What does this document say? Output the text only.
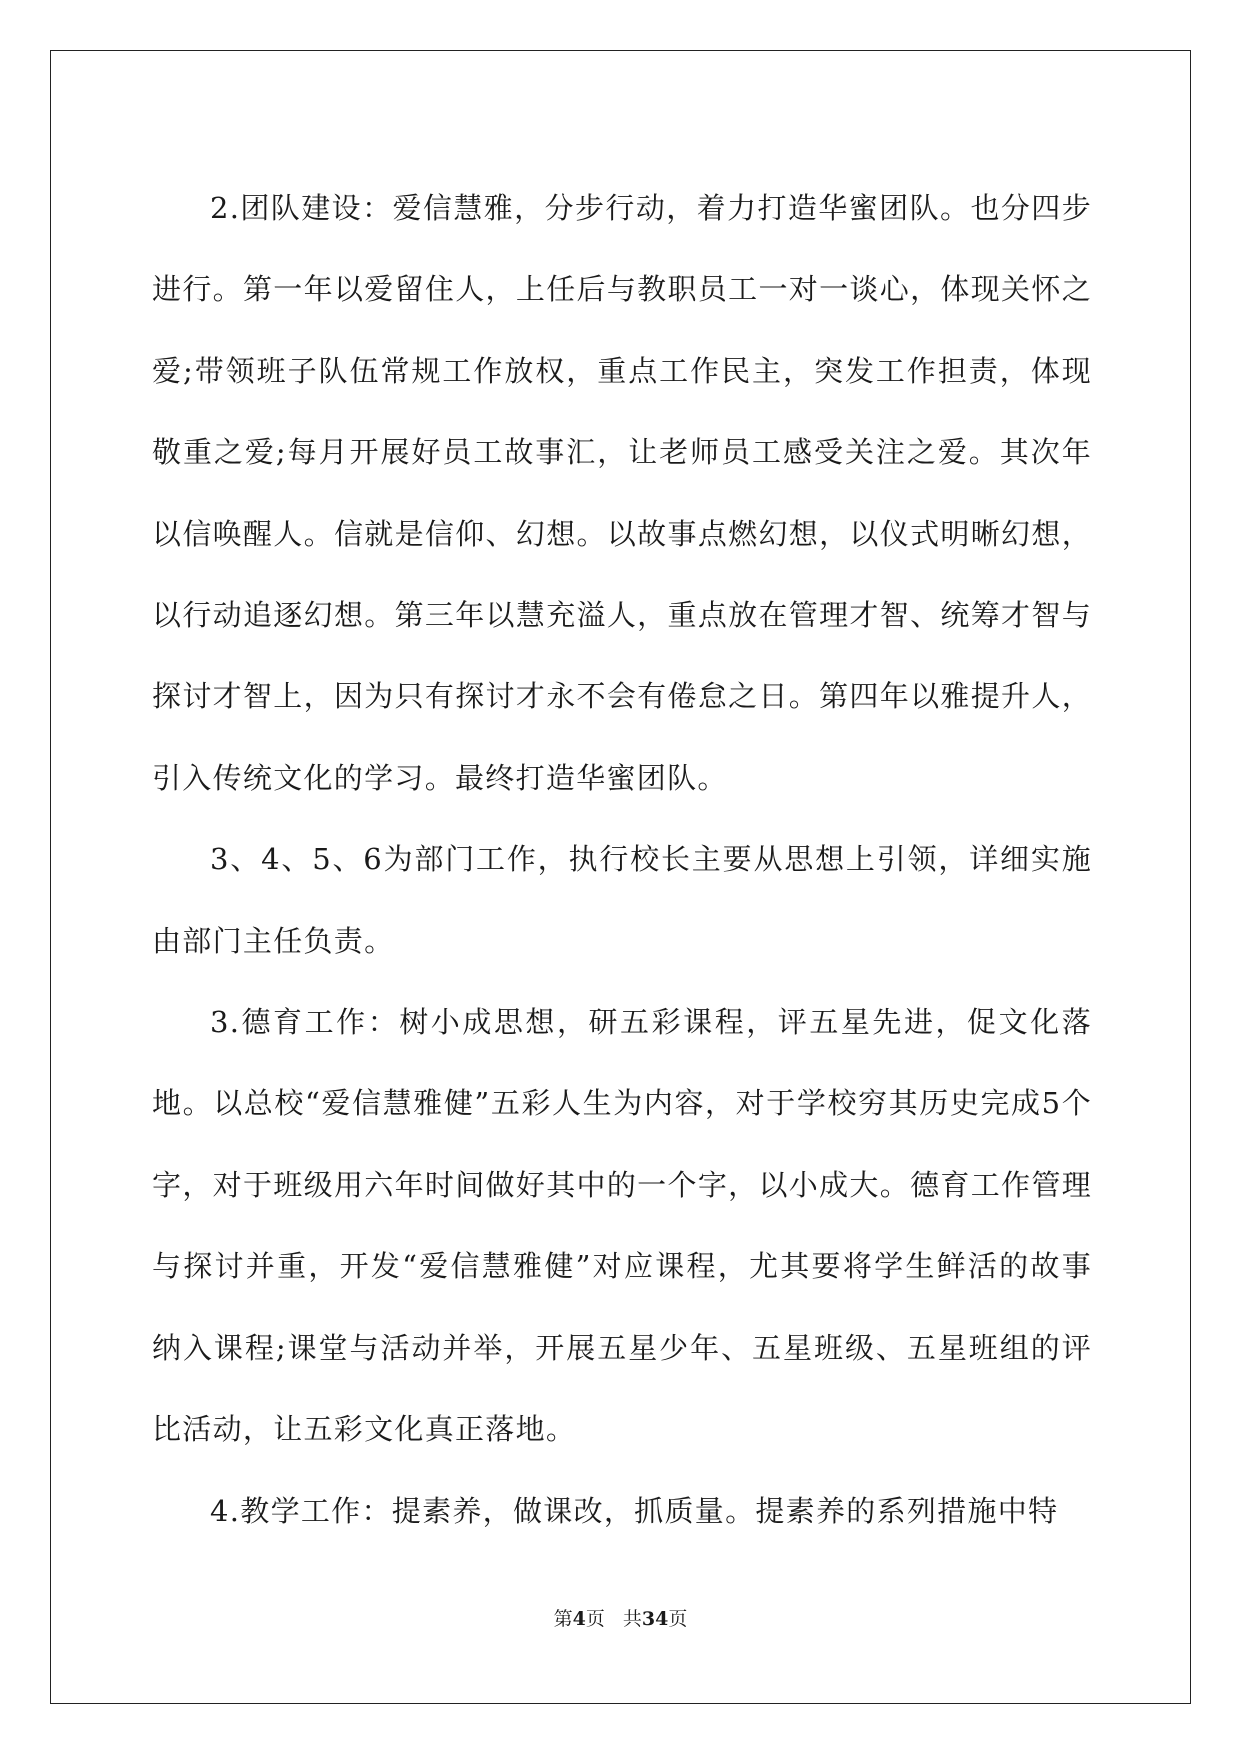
2.团队建设：爱信慧雅，分步行动，着力打造华蜜团队。也分四步进行。第一年以爱留住人，上任后与教职员工一对一谈心，体现关怀之爱;带领班子队伍常规工作放权，重点工作民主，突发工作担责，体现敬重之爱;每月开展好员工故事汇，让老师员工感受关注之爱。其次年以信唤醒人。信就是信仰、幻想。以故事点燃幻想，以仪式明晰幻想，以行动追逐幻想。第三年以慧充溢人，重点放在管理才智、统筹才智与探讨才智上，因为只有探讨才永不会有倦怠之日。第四年以雅提升人，引入传统文化的学习。最终打造华蜜团队。

3、4、5、6为部门工作，执行校长主要从思想上引领，详细实施由部门主任负责。

3.德育工作：树小成思想，研五彩课程，评五星先进，促文化落地。以总校“爱信慧雅健”五彩人生为内容，对于学校穷其历史完成5个字，对于班级用六年时间做好其中的一个字，以小成大。德育工作管理与探讨并重，开发“爱信慧雅健”对应课程，尤其要将学生鲜活的故事纳入课程;课堂与活动并举，开展五星少年、五星班级、五星班组的评比活动，让五彩文化真正落地。

4.教学工作：提素养，做课改，抓质量。提素养的系列措施中特

第4页 共34页
